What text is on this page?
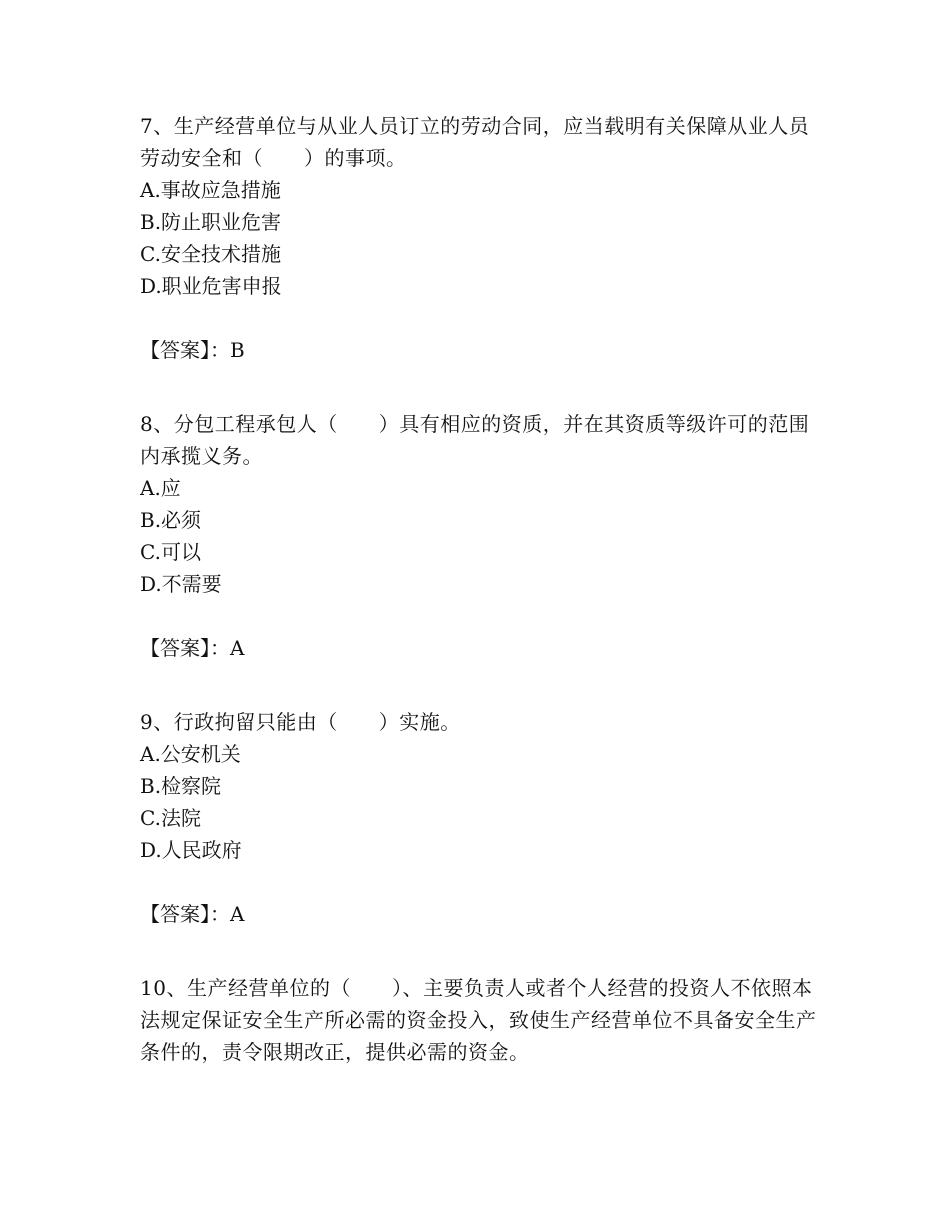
7、生产经营单位与从业人员订立的劳动合同，应当载明有关保障从业人员劳动安全和（　　）的事项。

A.事故应急措施

B.防止职业危害

C.安全技术措施

D.职业危害申报

【答案】：B

8、分包工程承包人（　　）具有相应的资质，并在其资质等级许可的范围内承揽义务。

A.应

B.必须

C.可以

D.不需要

【答案】：A

9、行政拘留只能由（　　）实施。

A.公安机关

B.检察院

C.法院

D.人民政府

【答案】：A

10、生产经营单位的（　　）、主要负责人或者个人经营的投资人不依照本法规定保证安全生产所必需的资金投入，致使生产经营单位不具备安全生产条件的，责令限期改正，提供必需的资金。
